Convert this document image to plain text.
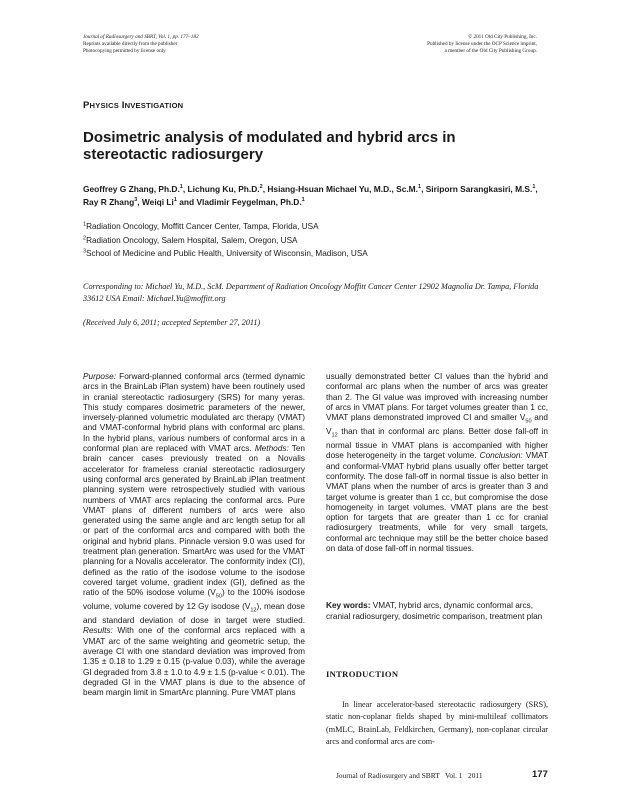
Journal of Radiosurgery and SBRT, Vol. 1, pp. 177–182
Reprints available directly from the publisher
Photocopying permitted by license only
© 2011 Old City Publishing, Inc.
Published by license under the OCP Science imprint,
a member of the Old City Publishing Group.
PHYSICS INVESTIGATION
Dosimetric analysis of modulated and hybrid arcs in stereotactic radiosurgery
Geoffrey G Zhang, Ph.D.$^1$, Lichung Ku, Ph.D.$^2$, Hsiang-Hsuan Michael Yu, M.D., Sc.M.$^1$, Siriporn Sarangkasiri, M.S.$^1$, Ray R Zhang$^3$, Weiqi Li$^1$ and Vladimir Feygelman, Ph.D.$^1$
$^1$Radiation Oncology, Moffitt Cancer Center, Tampa, Florida, USA
$^2$Radiation Oncology, Salem Hospital, Salem, Oregon, USA
$^3$School of Medicine and Public Health, University of Wisconsin, Madison, USA
Corresponding to: Michael Yu, M.D., ScM. Department of Radiation Oncology Moffitt Cancer Center 12902 Magnolia Dr. Tampa, Florida 33612 USA Email: Michael.Yu@moffitt.org
(Received July 6, 2011; accepted September 27, 2011)
Purpose: Forward-planned conformal arcs (termed dynamic arcs in the BrainLab iPlan system) have been routinely used in cranial stereotactic radiosurgery (SRS) for many yeras. This study compares dosimetric parameters of the newer, inversely-planned volumetric modulated arc therapy (VMAT) and VMAT-conformal hybrid plans with conformal arc plans. In the hybrid plans, various numbers of conformal arcs in a conformal plan are replaced with VMAT arcs. Methods: Ten brain cancer cases previously treated on a Novalis accelerator for frameless cranial stereotactic radiosurgery using conformal arcs generated by BrainLab iPlan treatment planning system were retrospectively studied with various numbers of VMAT arcs replacing the conformal arcs. Pure VMAT plans of different numbers of arcs were also generated using the same angle and arc length setup for all or part of the conformal arcs and compared with both the original and hybrid plans. Pinnacle version 9.0 was used for treatment plan generation. SmartArc was used for the VMAT planning for a Novalis accelerator. The conformity index (CI), defined as the ratio of the isodose volume to the isodose covered target volume, gradient index (GI), defined as the ratio of the 50% isodose volume $(V_{50})$ to the 100% isodose volume, volume covered by 12 Gy isodose $(V_{12})$, mean dose and standard deviation of dose in target were studied. Results: With one of the conformal arcs replaced with a VMAT arc of the same weighting and geometric setup, the average CI with one standard deviation was improved from 1.35 ± 0.18 to 1.29 ± 0.15 (p-value 0.03), while the average GI degraded from 3.8 ± 1.0 to 4.9 ± 1.5 (p-value < 0.01). The degraded GI in the VMAT plans is due to the absence of beam margin limit in SmartArc planning. Pure VMAT plans
usually demonstrated better CI values than the hybrid and conformal arc plans when the number of arcs was greater than 2. The GI value was improved with increasing number of arcs in VMAT plans. For target volumes greater than 1 cc, VMAT plans demonstrated improved CI and smaller $V_{50}$ and $V_{12}$ than that in conformal arc plans. Better dose fall-off in normal tissue in VMAT plans is accompanied with higher dose heterogeneity in the target volume. Conclusion: VMAT and conformal-VMAT hybrid plans usually offer better target conformity. The dose fall-off in normal tissue is also better in VMAT plans when the number of arcs is greater than 3 and target volume is greater than 1 cc, but compromise the dose homogeneity in target volumes. VMAT plans are the best option for targets that are greater than 1 cc for cranial radiosurgery treatments, while for very small targets, conformal arc technique may still be the better choice based on data of dose fall-off in normal tissues.
Key words: VMAT, hybrid arcs, dynamic conformal arcs, cranial radiosurgery, dosimetric comparison, treatment plan
INTRODUCTION
In linear accelerator-based stereotactic radiosurgery (SRS), static non-coplanar fields shaped by mini-multileaf collimators (mMLC, BrainLab, Feldkirchen, Germany), non-coplanar circular arcs and conformal arcs are com-
Journal of Radiosurgery and SBRT   Vol. 1   2011	177
